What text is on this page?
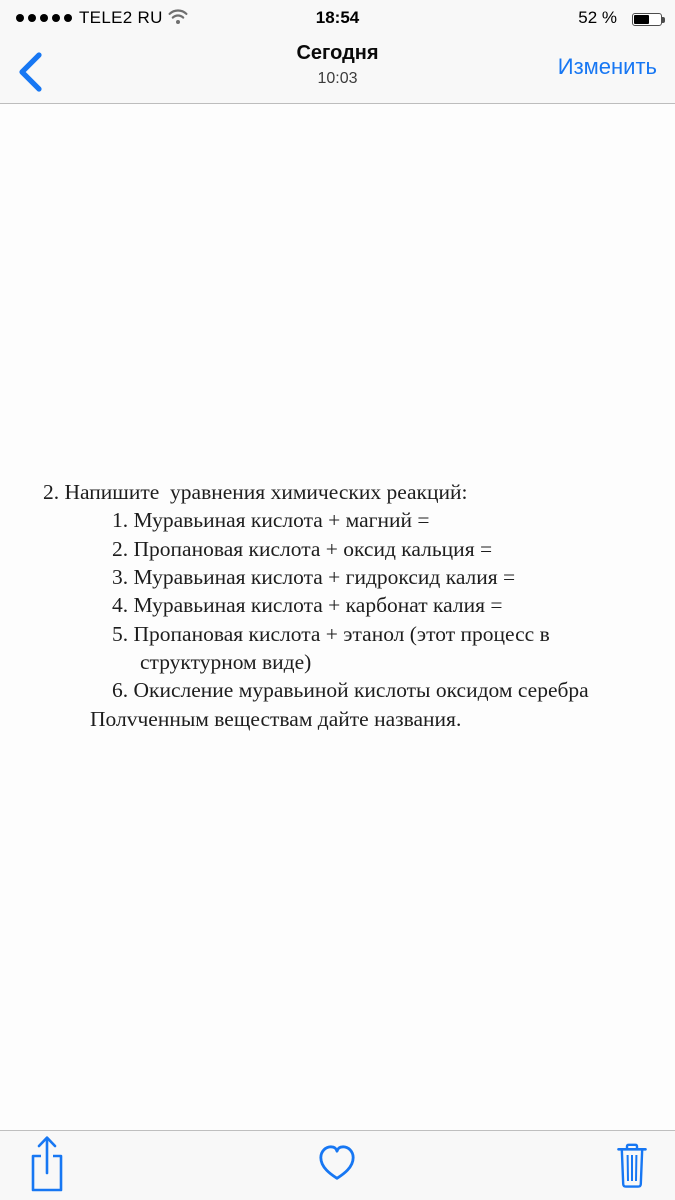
2. Напишите  уравнения химических реакций:
1. Муравьиная кислота + магний =
2. Пропановая кислота + оксид кальция =
3. Муравьиная кислота + гидроксид калия =
4. Муравьиная кислота + карбонат калия =
5. Пропановая кислота + этанол (этот процесс в
структурном виде)
6. Окисление муравьиной кислоты оксидом серебра
Полvченным веществам дайте названия.
TELE2 RU	18:54	52 %
Сегодня
10:03	Изменить
